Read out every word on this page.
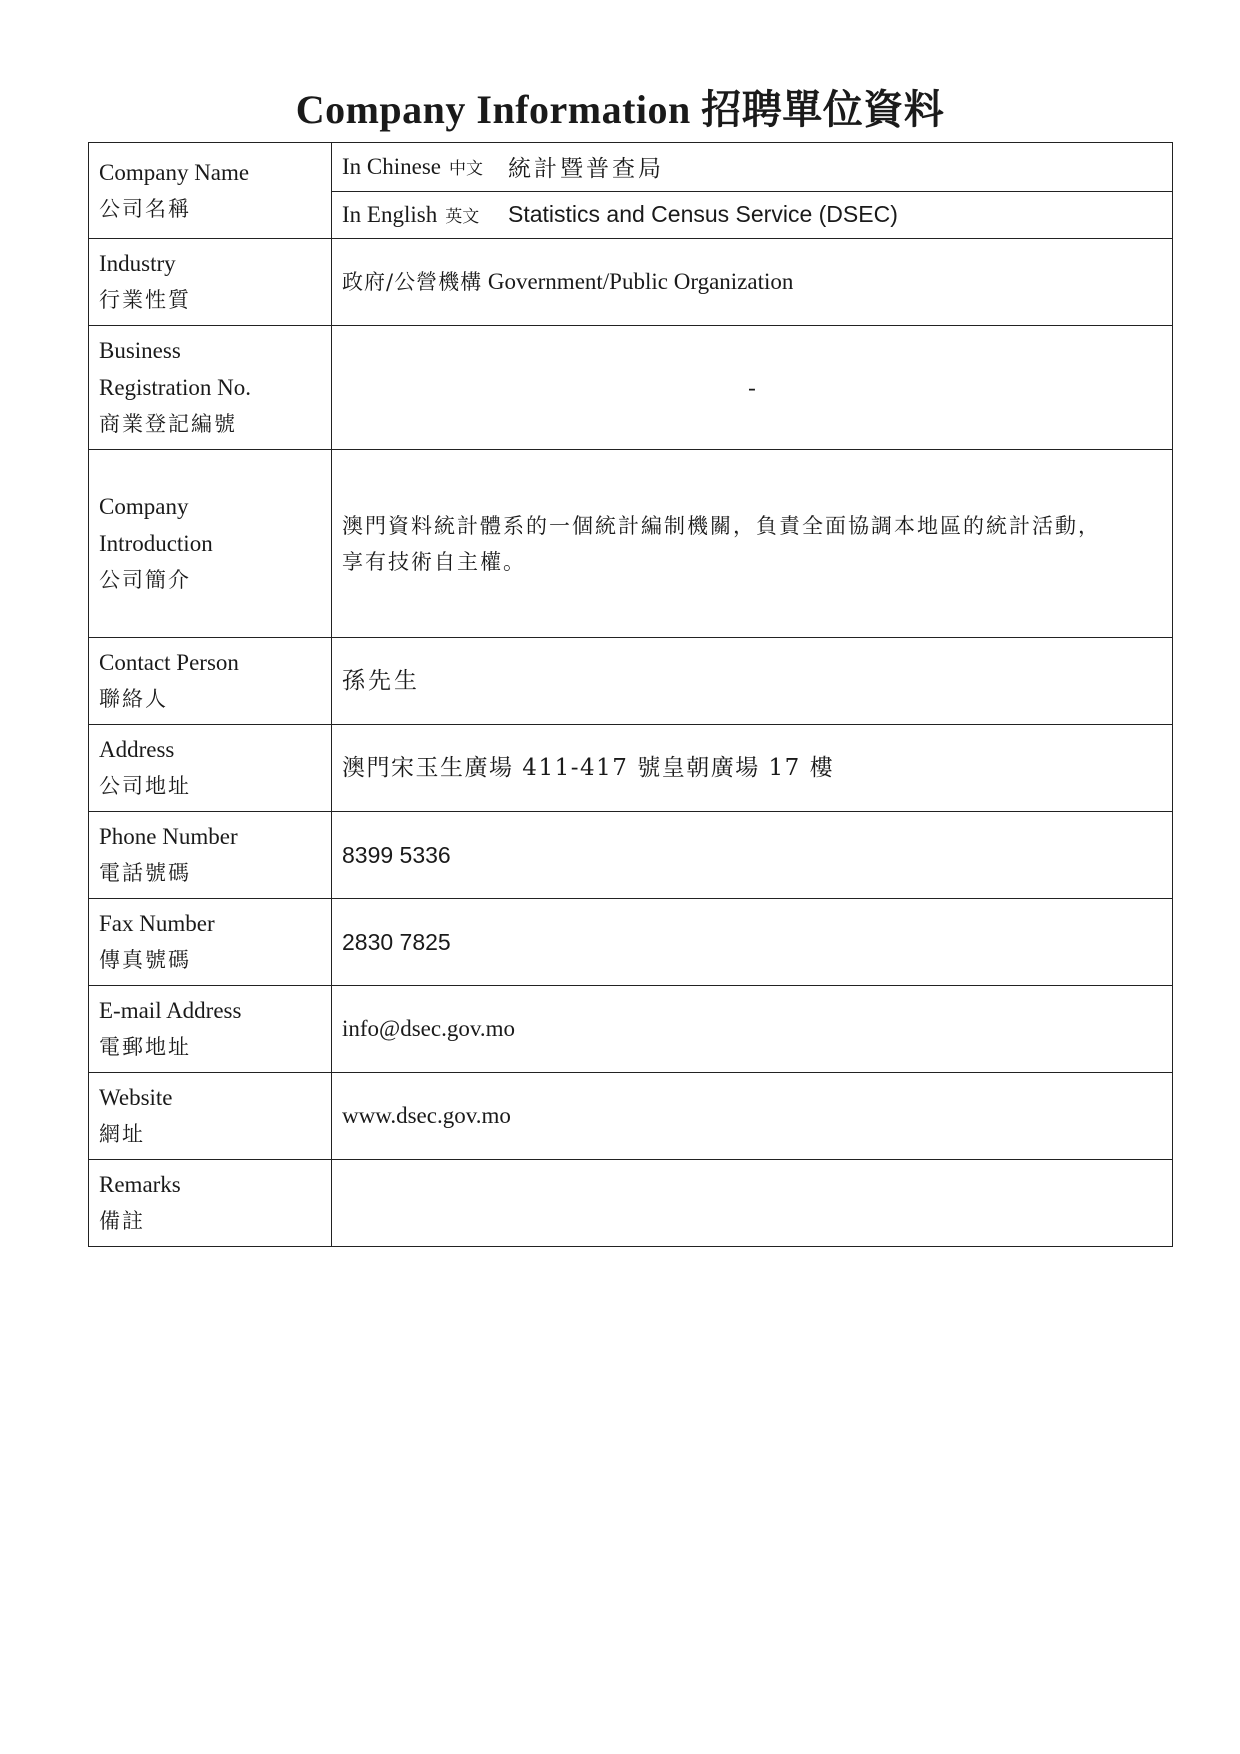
Company Information 招聘單位資料
Company Name
公司名稱

In Chinese 中文	統計暨普查局
In English 英文	Statistics and Census Service (DSEC)

Industry
行業性質
	政府/公營機構 Government/Public Organization

Business
Registration No.
商業登記編號
	-

Company
Introduction
公司簡介

澳門資料統計體系的一個統計編制機關，負責全面協調本地區的統計活動，
享有技術自主權。

Contact Person
聯絡人
	孫先生

Address
公司地址
	澳門宋玉生廣場 411-417 號皇朝廣場 17 樓

Phone Number
電話號碼
	8399 5336

Fax Number
傳真號碼
	2830 7825

E-mail Address
電郵地址
	info@dsec.gov.mo

Website
網址
	www.dsec.gov.mo

Remarks
備註
